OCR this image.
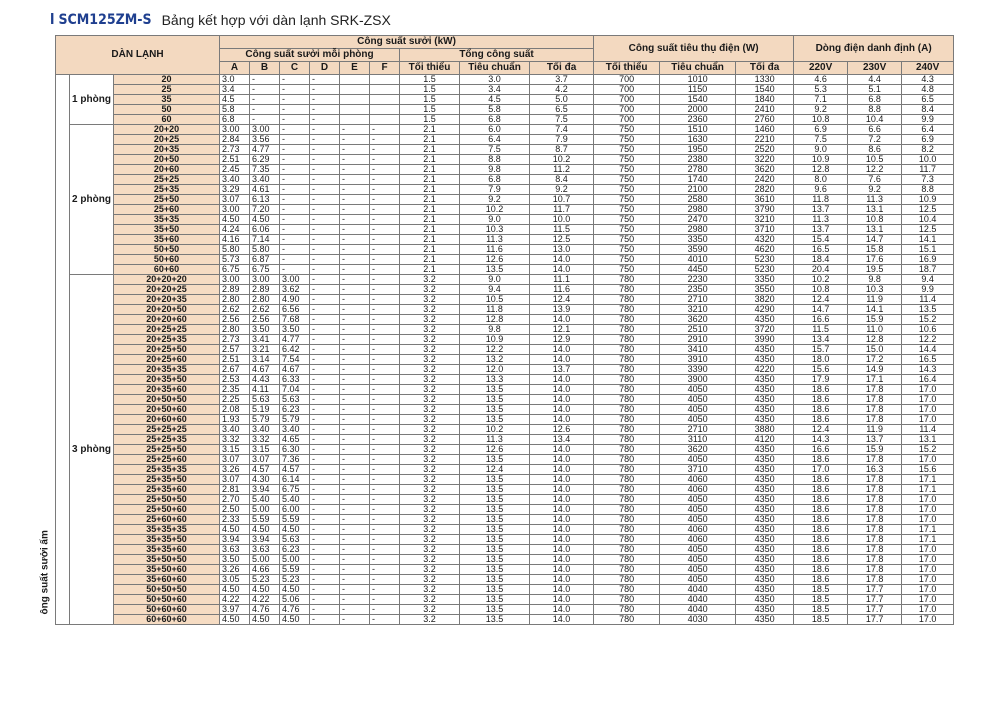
I SCM125ZM-S Bảng kết hợp với dàn lạnh SRK-ZSX
DÀN LẠNH			Công suất sưởi (kW)									Công suất tiêu thụ điện (W)			Dòng điện danh định (A)		
			Công suất sưởi mỗi phòng						Tổng công suất								
			A	B	C	D	E	F	Tối thiểu	Tiêu chuẩn	Tối đa	Tối thiểu	Tiêu chuẩn	Tối đa	220V	230V	240V

ông suất sưởi ấm	1 phòng	20	3.0	-	-	-			1.5	3.0	3.7	700	1010	1330	4.6	4.4	4.3
		25	3.4	-	-	-			1.5	3.4	4.2	700	1150	1540	5.3	5.1	4.8
		35	4.5	-	-	-			1.5	4.5	5.0	700	1540	1840	7.1	6.8	6.5
		50	5.8	-	-	-			1.5	5.8	6.5	700	2000	2410	9.2	8.8	8.4
		60	6.8	-	-	-			1.5	6.8	7.5	700	2360	2760	10.8	10.4	9.9
	2 phòng	20+20	3.00	3.00	-	-	-	-	2.1	6.0	7.4	750	1510	1460	6.9	6.6	6.4
		20+25	2.84	3.56	-	-	-	-	2.1	6.4	7.9	750	1630	2210	7.5	7.2	6.9
		20+35	2.73	4.77	-	-	-	-	2.1	7.5	8.7	750	1950	2520	9.0	8.6	8.2
		20+50	2.51	6.29	-	-	-	-	2.1	8.8	10.2	750	2380	3220	10.9	10.5	10.0
		20+60	2.45	7.35	-	-	-	-	2.1	9.8	11.2	750	2780	3620	12.8	12.2	11.7
		25+25	3.40	3.40	-	-	-	-	2.1	6.8	8.4	750	1740	2420	8.0	7.6	7.3
		25+35	3.29	4.61	-	-	-	-	2.1	7.9	9.2	750	2100	2820	9.6	9.2	8.8
		25+50	3.07	6.13	-	-	-	-	2.1	9.2	10.7	750	2580	3610	11.8	11.3	10.9
		25+60	3.00	7.20	-	-	-	-	2.1	10.2	11.7	750	2980	3790	13.7	13.1	12.5
		35+35	4.50	4.50	-	-	-	-	2.1	9.0	10.0	750	2470	3210	11.3	10.8	10.4
		35+50	4.24	6.06	-	-	-	-	2.1	10.3	11.5	750	2980	3710	13.7	13.1	12.5
		35+60	4.16	7.14	-	-	-	-	2.1	11.3	12.5	750	3350	4320	15.4	14.7	14.1
		50+50	5.80	5.80	-	-	-	-	2.1	11.6	13.0	750	3590	4620	16.5	15.8	15.1
		50+60	5.73	6.87	-	-	-	-	2.1	12.6	14.0	750	4010	5230	18.4	17.6	16.9
		60+60	6.75	6.75	-	-	-	-	2.1	13.5	14.0	750	4450	5230	20.4	19.5	18.7
	3 phòng	20+20+20	3.00	3.00	3.00	-	-	-	3.2	9.0	11.1	780	2230	3350	10.2	9.8	9.4
		20+20+25	2.89	2.89	3.62	-	-	-	3.2	9.4	11.6	780	2350	3550	10.8	10.3	9.9
		20+20+35	2.80	2.80	4.90	-	-	-	3.2	10.5	12.4	780	2710	3820	12.4	11.9	11.4
		20+20+50	2.62	2.62	6.56	-	-	-	3.2	11.8	13.9	780	3210	4290	14.7	14.1	13.5
		20+20+60	2.56	2.56	7.68	-	-	-	3.2	12.8	14.0	780	3620	4350	16.6	15.9	15.2
		20+25+25	2.80	3.50	3.50	-	-	-	3.2	9.8	12.1	780	2510	3720	11.5	11.0	10.6
		20+25+35	2.73	3.41	4.77	-	-	-	3.2	10.9	12.9	780	2910	3990	13.4	12.8	12.2
		20+25+50	2.57	3.21	6.42	-	-	-	3.2	12.2	14.0	780	3410	4350	15.7	15.0	14.4
		20+25+60	2.51	3.14	7.54	-	-	-	3.2	13.2	14.0	780	3910	4350	18.0	17.2	16.5
		20+35+35	2.67	4.67	4.67	-	-	-	3.2	12.0	13.7	780	3390	4220	15.6	14.9	14.3
		20+35+50	2.53	4.43	6.33	-	-	-	3.2	13.3	14.0	780	3900	4350	17.9	17.1	16.4
		20+35+60	2.35	4.11	7.04	-	-	-	3.2	13.5	14.0	780	4050	4350	18.6	17.8	17.0
		20+50+50	2.25	5.63	5.63	-	-	-	3.2	13.5	14.0	780	4050	4350	18.6	17.8	17.0
		20+50+60	2.08	5.19	6.23	-	-	-	3.2	13.5	14.0	780	4050	4350	18.6	17.8	17.0
		20+60+60	1.93	5.79	5.79	-	-	-	3.2	13.5	14.0	780	4050	4350	18.6	17.8	17.0
		25+25+25	3.40	3.40	3.40	-	-	-	3.2	10.2	12.6	780	2710	3880	12.4	11.9	11.4
		25+25+35	3.32	3.32	4.65	-	-	-	3.2	11.3	13.4	780	3110	4120	14.3	13.7	13.1
		25+25+50	3.15	3.15	6.30	-	-	-	3.2	12.6	14.0	780	3620	4350	16.6	15.9	15.2
		25+25+60	3.07	3.07	7.36	-	-	-	3.2	13.5	14.0	780	4050	4350	18.6	17.8	17.0
		25+35+35	3.26	4.57	4.57	-	-	-	3.2	12.4	14.0	780	3710	4350	17.0	16.3	15.6
		25+35+50	3.07	4.30	6.14	-	-	-	3.2	13.5	14.0	780	4060	4350	18.6	17.8	17.1
		25+35+60	2.81	3.94	6.75	-	-	-	3.2	13.5	14.0	780	4060	4350	18.6	17.8	17.1
		25+50+50	2.70	5.40	5.40	-	-	-	3.2	13.5	14.0	780	4050	4350	18.6	17.8	17.0
		25+50+60	2.50	5.00	6.00	-	-	-	3.2	13.5	14.0	780	4050	4350	18.6	17.8	17.0
		25+60+60	2.33	5.59	5.59	-	-	-	3.2	13.5	14.0	780	4050	4350	18.6	17.8	17.0
		35+35+35	4.50	4.50	4.50	-	-	-	3.2	13.5	14.0	780	4060	4350	18.6	17.8	17.1
		35+35+50	3.94	3.94	5.63	-	-	-	3.2	13.5	14.0	780	4060	4350	18.6	17.8	17.1
		35+35+60	3.63	3.63	6.23	-	-	-	3.2	13.5	14.0	780	4050	4350	18.6	17.8	17.0
		35+50+50	3.50	5.00	5.00	-	-	-	3.2	13.5	14.0	780	4050	4350	18.6	17.8	17.0
		35+50+60	3.26	4.66	5.59	-	-	-	3.2	13.5	14.0	780	4050	4350	18.6	17.8	17.0
		35+60+60	3.05	5.23	5.23	-	-	-	3.2	13.5	14.0	780	4050	4350	18.6	17.8	17.0
		50+50+50	4.50	4.50	4.50	-	-	-	3.2	13.5	14.0	780	4040	4350	18.5	17.7	17.0
		50+50+60	4.22	4.22	5.06	-	-	-	3.2	13.5	14.0	780	4040	4350	18.5	17.7	17.0
		50+60+60	3.97	4.76	4.76	-	-	-	3.2	13.5	14.0	780	4040	4350	18.5	17.7	17.0
		60+60+60	4.50	4.50	4.50	-	-	-	3.2	13.5	14.0	780	4030	4350	18.5	17.7	17.0
